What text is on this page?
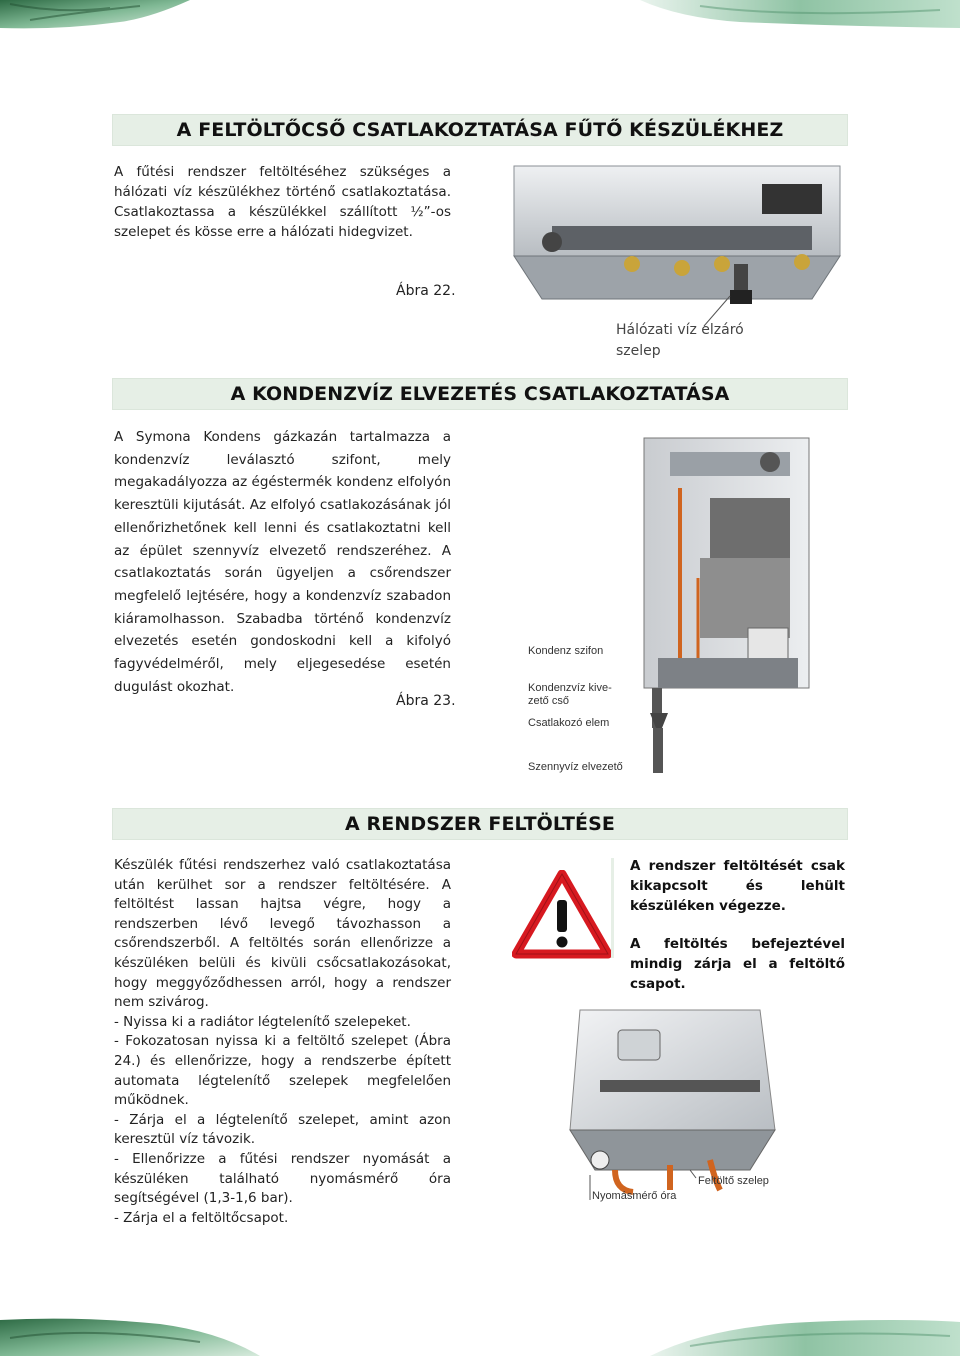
A FELTÖLTŐCSŐ CSATLAKOZTATÁSA FŰTŐ KÉSZÜLÉKHEZ

A fűtési rendszer feltöltéséhez szükséges a hálózati víz készülékhez történő csatlakoztatása. Csatlakoztassa a készülékkel szállított ½”-os szelepet és kösse erre a hálózati hidegvizet.

Ábra 22.
Hálózati víz elzáró szelep
A KONDENZVÍZ ELVEZETÉS CSATLAKOZTATÁSA

A Symona Kondens gázkazán tartalmazza a kondenzvíz leválasztó szifont, mely megakadályozza az égéstermék kondenz elfolyón keresztüli kijutását. Az elfolyó csatlakozásának jól ellenőrizhetőnek kell lenni és csatlakoztatni kell az épület szennyvíz elvezető rendszeréhez. A csatlakoztatás során ügyeljen a csőrendszer megfelelő lejtésére, hogy a kondenzvíz szabadon kiáramolhasson. Szabadba történő kondenzvíz elvezetés esetén gondoskodni kell a kifolyó fagyvédelméről, mely eljegesedése esetén dugulást okozhat.

Ábra 23.
Kondenz szifon
Kondenzvíz kive-
zető cső
Csatlakozó elem
Szennyvíz elvezető
A RENDSZER FELTÖLTÉSE

Készülék fűtési rendszerhez való csatlakoztatása után kerülhet sor a rendszer feltöltésére. A feltöltést lassan hajtsa végre, hogy a rendszerben lévő levegő távozhasson a csőrendszerből. A feltöltés során ellenőrizze a készüléken belüli és kivüli csőcsatlakozásokat, hogy meggyőződhessen arról, hogy a rendszer nem szivárog.

- Nyissa ki a radiátor légtelenítő szelepeket.

- Fokozatosan nyissa ki a feltöltő szelepet (Ábra 24.) és ellenőrizze, hogy a rendszerbe épített automata légtelenítő szelepek megfelelően működnek.

- Zárja el a légtelenítő szelepet, amint azon keresztül víz távozik.

- Ellenőrizze a fűtési rendszer nyomását a készüléken található nyomásmérő óra segítségével (1,3-1,6 bar).

- Zárja el a feltöltőcsapot.

A rendszer feltöltését csak kikapcsolt és lehült készüléken végezze.

A feltöltés befejeztével mindig zárja el a feltöltő csapot.

Nyomásmérő óra
Feltöltő szelep
